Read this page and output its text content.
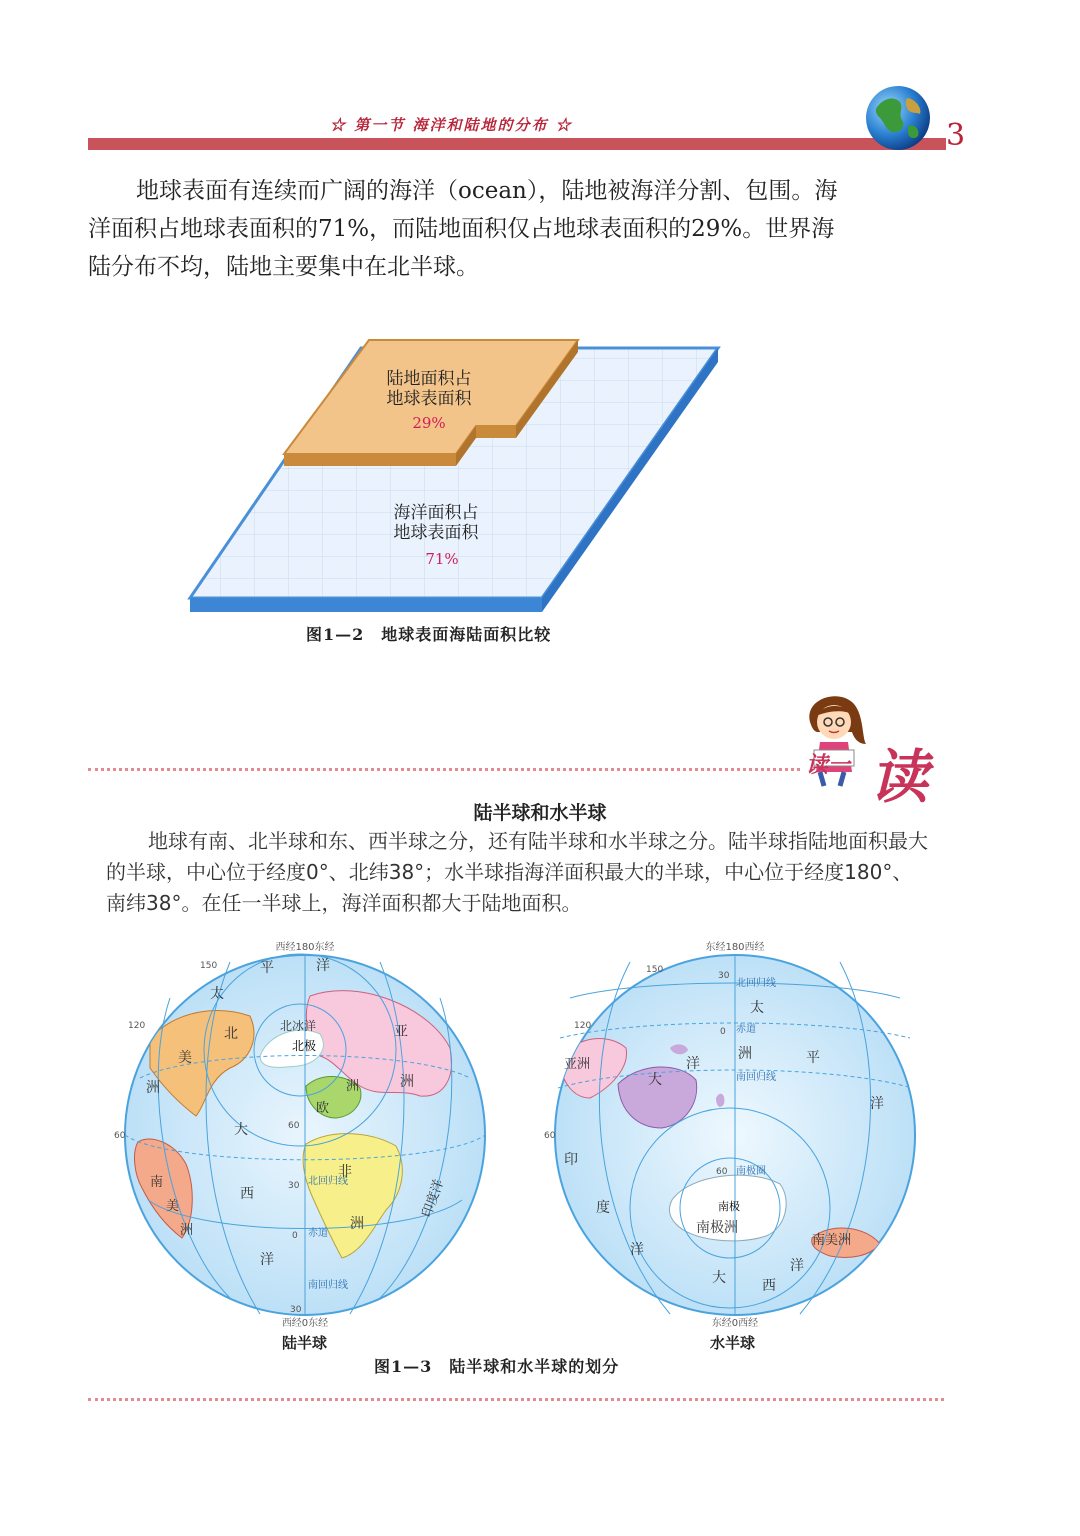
☆ 第一节 海洋和陆地的分布 ☆	3
地球表面有连续而广阔的海洋（ocean），陆地被海洋分割、包围。海洋面积占地球表面积的71%，而陆地面积仅占地球表面积的29%。世界海陆分布不均，陆地主要集中在北半球。
陆地面积占
地球表面积
29%
海洋面积占
地球表面积
71%
图1—2　地球表面海陆面积比较
读一 读
陆半球和水半球
地球有南、北半球和东、西半球之分，还有陆半球和水半球之分。陆半球指陆地面积最大的半球，中心位于经度0°、北纬38°；水半球指海洋面积最大的半球，中心位于经度180°、南纬38°。在任一半球上，海洋面积都大于陆地面积。
西经180东经
西经0东经
太
平	洋
北
美
洲
北冰洋
北极
亚
洲
欧
洲
大
西
洋
非
洲
印度洋
南
美
洲
北回归线
赤道
南回归线
0
30
60
30
60
120
150
陆半球
东经180西经
东经0西经
北回归线
赤道
南回归线
南极圈
太
平
洋
洲
大
洋
亚洲
印
度
洋
南极
南极洲
南美洲
大	西
洋
0
30
60
60
120
150
水半球
图1—3　陆半球和水半球的划分
